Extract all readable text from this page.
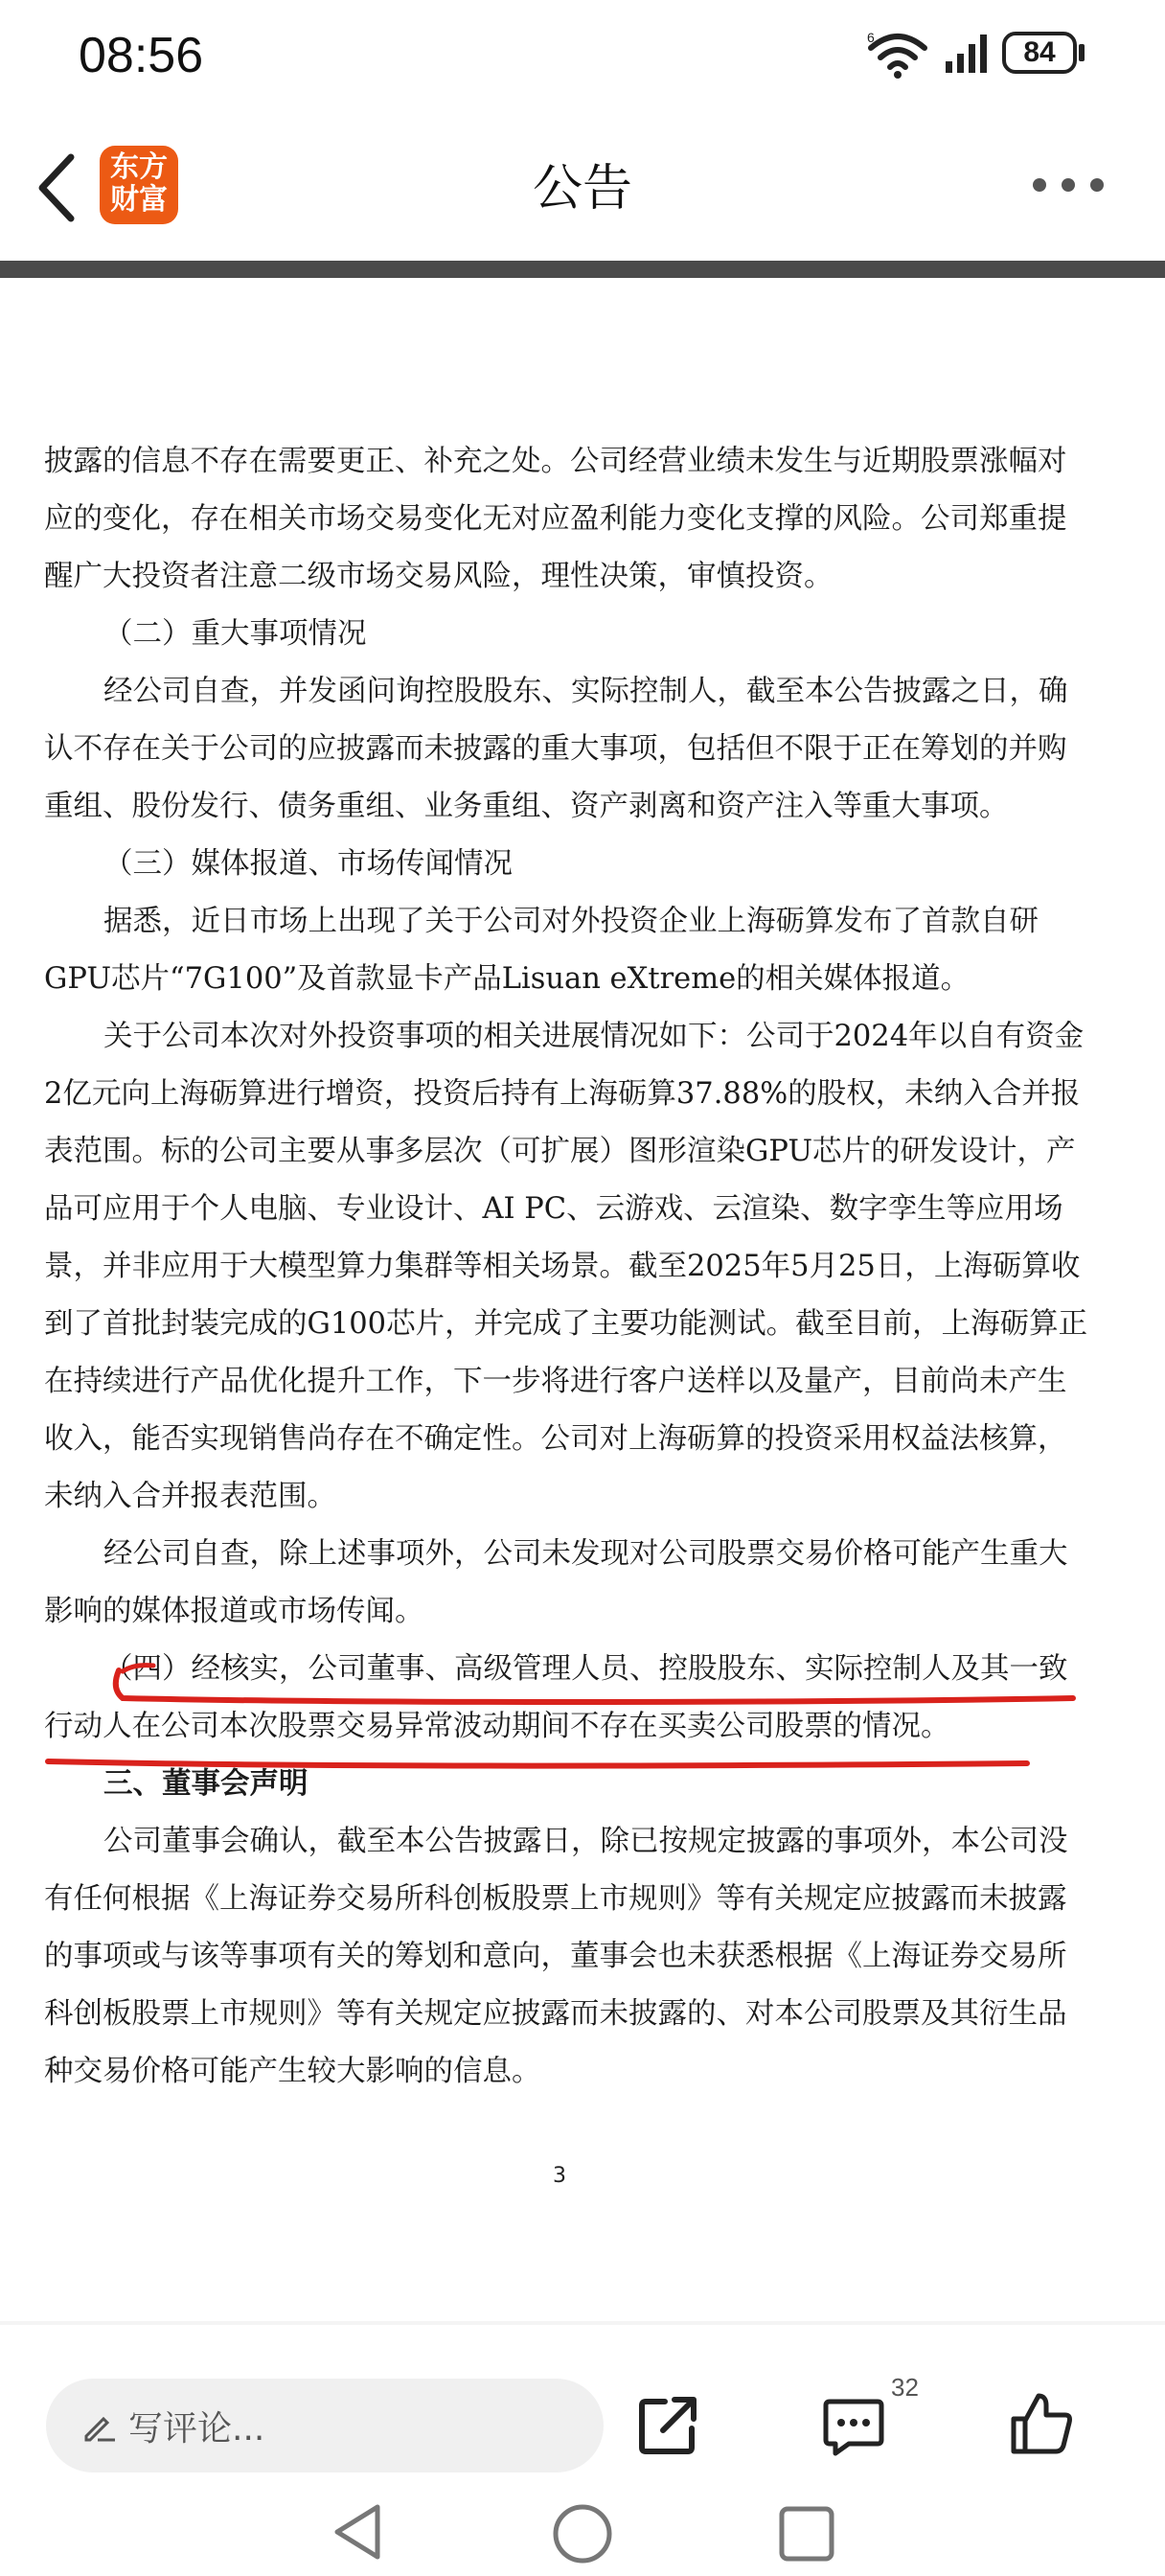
08:56	6	84
东方
财富	公告
披露的信息不存在需要更正、补充之处。公司经营业绩未发生与近期股票涨幅对
应的变化，存在相关市场交易变化无对应盈利能力变化支撑的风险。公司郑重提
醒广大投资者注意二级市场交易风险，理性决策，审慎投资。
（二）重大事项情况
经公司自查，并发函问询控股股东、实际控制人，截至本公告披露之日，确
认不存在关于公司的应披露而未披露的重大事项，包括但不限于正在筹划的并购
重组、股份发行、债务重组、业务重组、资产剥离和资产注入等重大事项。
（三）媒体报道、市场传闻情况
据悉，近日市场上出现了关于公司对外投资企业上海砺算发布了首款自研
GPU芯片“7G100”及首款显卡产品Lisuan eXtreme的相关媒体报道。
关于公司本次对外投资事项的相关进展情况如下：公司于2024年以自有资金
2亿元向上海砺算进行增资，投资后持有上海砺算37.88%的股权，未纳入合并报
表范围。标的公司主要从事多层次（可扩展）图形渲染GPU芯片的研发设计，产
品可应用于个人电脑、专业设计、AI PC、云游戏、云渲染、数字孪生等应用场
景，并非应用于大模型算力集群等相关场景。截至2025年5月25日，上海砺算收
到了首批封装完成的G100芯片，并完成了主要功能测试。截至目前，上海砺算正
在持续进行产品优化提升工作，下一步将进行客户送样以及量产，目前尚未产生
收入，能否实现销售尚存在不确定性。公司对上海砺算的投资采用权益法核算，
未纳入合并报表范围。
经公司自查，除上述事项外，公司未发现对公司股票交易价格可能产生重大
影响的媒体报道或市场传闻。
（四）经核实，公司董事、高级管理人员、控股股东、实际控制人及其一致
行动人在公司本次股票交易异常波动期间不存在买卖公司股票的情况。
三、董事会声明
公司董事会确认，截至本公告披露日，除已按规定披露的事项外，本公司没
有任何根据《上海证券交易所科创板股票上市规则》等有关规定应披露而未披露
的事项或与该等事项有关的筹划和意向，董事会也未获悉根据《上海证券交易所
科创板股票上市规则》等有关规定应披露而未披露的、对本公司股票及其衍生品
种交易价格可能产生较大影响的信息。
3
写评论...
32
